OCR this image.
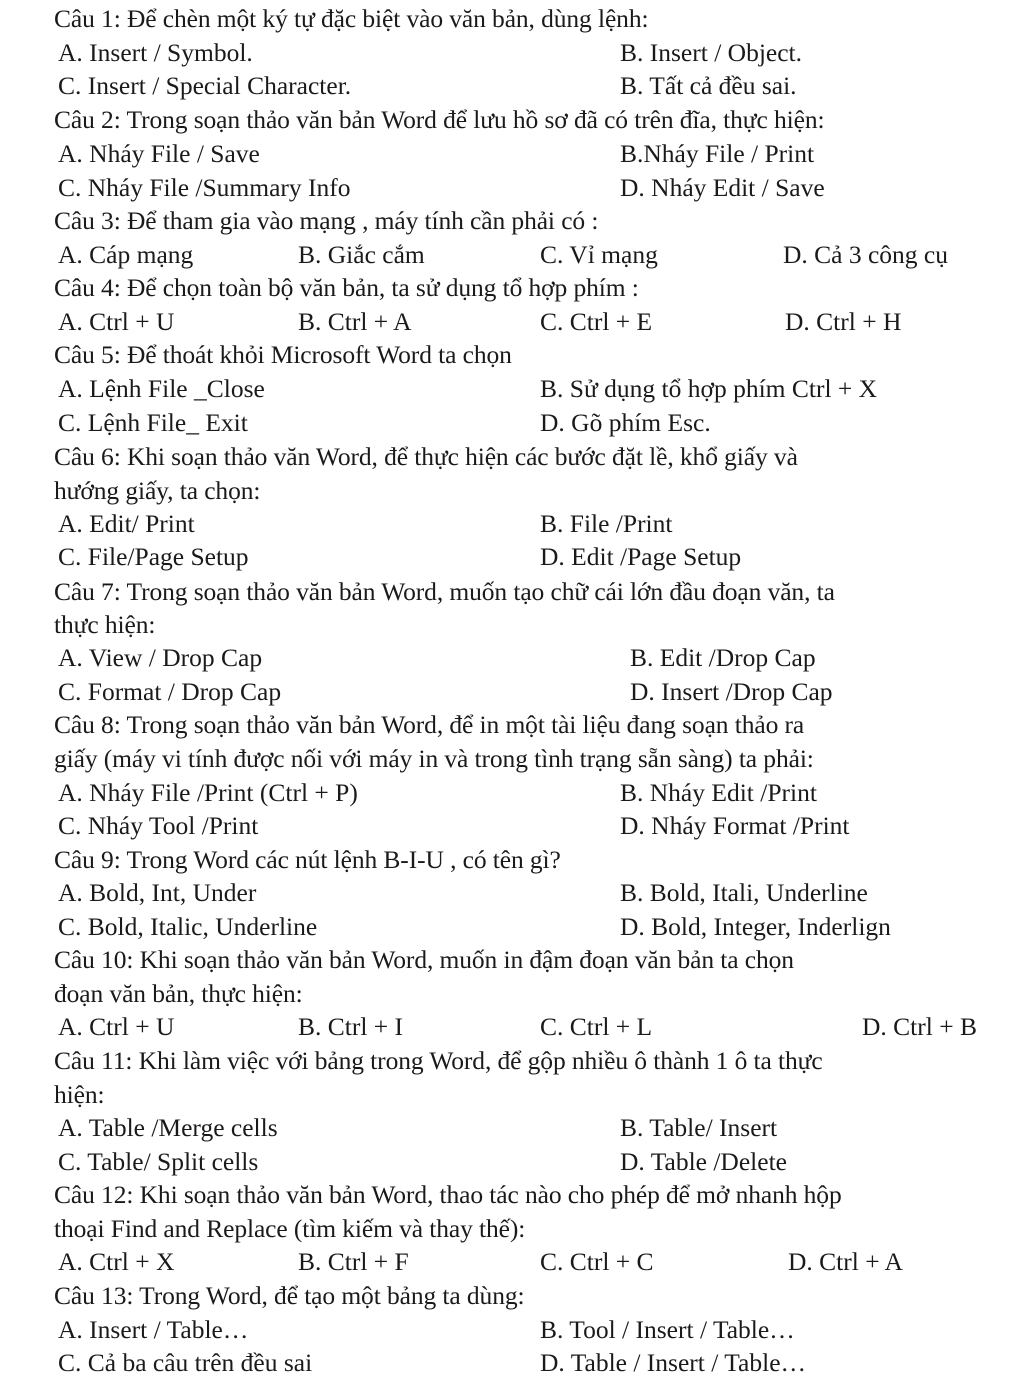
Câu 1: Để chèn một ký tự đặc biệt vào văn bản, dùng lệnh:
A. Insert / Symbol.	B. Insert / Object.
C. Insert / Special Character.	B. Tất cả đều sai.
Câu 2: Trong soạn thảo văn bản Word để lưu hồ sơ đã có trên đĩa, thực hiện:
A. Nháy File / Save	B.Nháy File / Print
C. Nháy File /Summary Info	D. Nháy Edit / Save
Câu 3: Để tham gia vào mạng , máy tính cần phải có :
A. Cáp mạng	B. Giắc cắm	C. Vỉ mạng	D. Cả 3 công cụ
Câu 4: Để chọn toàn bộ văn bản, ta sử dụng tổ hợp phím :
A. Ctrl + U	B. Ctrl + A	C. Ctrl + E	D. Ctrl + H
Câu 5: Để thoát khỏi Microsoft Word ta chọn
A. Lệnh File _Close	B. Sử dụng tổ hợp phím Ctrl + X
C. Lệnh File_ Exit	D. Gõ phím Esc.
Câu 6: Khi soạn thảo văn Word, để thực hiện các bước đặt lề, khổ giấy và
hướng giấy, ta chọn:
A. Edit/ Print	B. File /Print
C. File/Page Setup	D. Edit /Page Setup
Câu 7: Trong soạn thảo văn bản Word, muốn tạo chữ cái lớn đầu đoạn văn, ta
thực hiện:
A. View / Drop Cap	B. Edit /Drop Cap
C. Format / Drop Cap	D. Insert /Drop Cap
Câu 8: Trong soạn thảo văn bản Word, để in một tài liệu đang soạn thảo ra
giấy (máy vi tính được nối với máy in và trong tình trạng sẵn sàng) ta phải:
A. Nháy File /Print (Ctrl + P)	B. Nháy Edit /Print
C. Nháy Tool /Print	D. Nháy Format /Print
Câu 9: Trong Word các nút lệnh B-I-U , có tên gì?
A. Bold, Int, Under	B. Bold, Itali, Underline
C. Bold, Italic, Underline	D. Bold, Integer, Inderlign
Câu 10: Khi soạn thảo văn bản Word, muốn in đậm đoạn văn bản ta chọn
đoạn văn bản, thực hiện:
A. Ctrl + U	B. Ctrl + I	C. Ctrl + L	D. Ctrl + B
Câu 11: Khi làm việc với bảng trong Word, để gộp nhiều ô thành 1 ô ta thực
hiện:
A. Table /Merge cells	B. Table/ Insert
C. Table/ Split cells	D. Table /Delete
Câu 12: Khi soạn thảo văn bản Word, thao tác nào cho phép để mở nhanh hộp
thoại Find and Replace (tìm kiếm và thay thế):
A. Ctrl + X	B. Ctrl + F	C. Ctrl + C	D. Ctrl + A
Câu 13: Trong Word, để tạo một bảng ta dùng:
A. Insert / Table…	B. Tool / Insert / Table…
C. Cả ba câu trên đều sai	D. Table / Insert / Table…
